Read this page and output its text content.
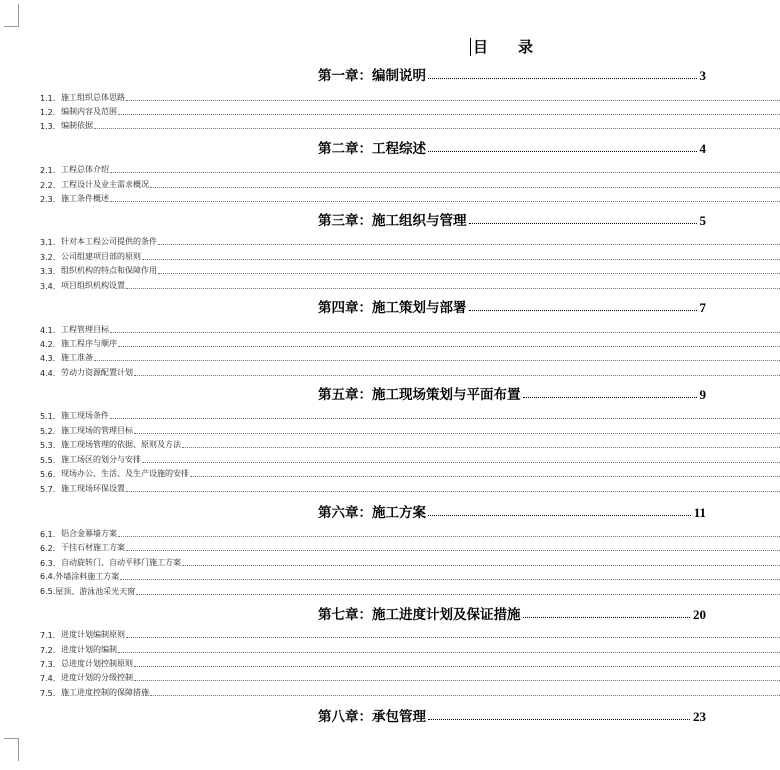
目　　录
第一章：编制说明	3
1.1. 施工组织总体思路
1.2. 编制内容及范围
1.3. 编制依据
第二章：工程综述	4
2.1. 工程总体介绍
2.2. 工程设计及业主需求概况
2.3. 施工条件概述
第三章：施工组织与管理	5
3.1. 针对本工程公司提供的条件
3.2. 公司组建项目部的原则
3.3. 组织机构的特点和保障作用
3.4. 项目组织机构设置
第四章：施工策划与部署	7
4.1. 工程管理目标
4.2. 施工程序与顺序
4.3. 施工准备
4.4. 劳动力资源配置计划
第五章：施工现场策划与平面布置	9
5.1. 施工现场条件
5.2. 施工现场的管理目标
5.3. 施工现场管理的依据、原则及方法
5.5. 施工场区的划分与安排
5.6. 现场办公、生活、及生产设施的安排
5.7. 施工现场环保设置
第六章：施工方案	11
6.1. 铝合金幕墙方案
6.2. 干挂石材施工方案
6.3. 自动旋转门、自动平移门施工方案
6.4.外墙涂料施工方案
6.5.屋顶、游泳池采光天窗
第七章：施工进度计划及保证措施	20
7.1. 进度计划编制原则
7.2. 进度计划的编制
7.3. 总进度计划控制原则
7.4. 进度计划的分级控制
7.5. 施工进度控制的保障措施
第八章：承包管理	23
